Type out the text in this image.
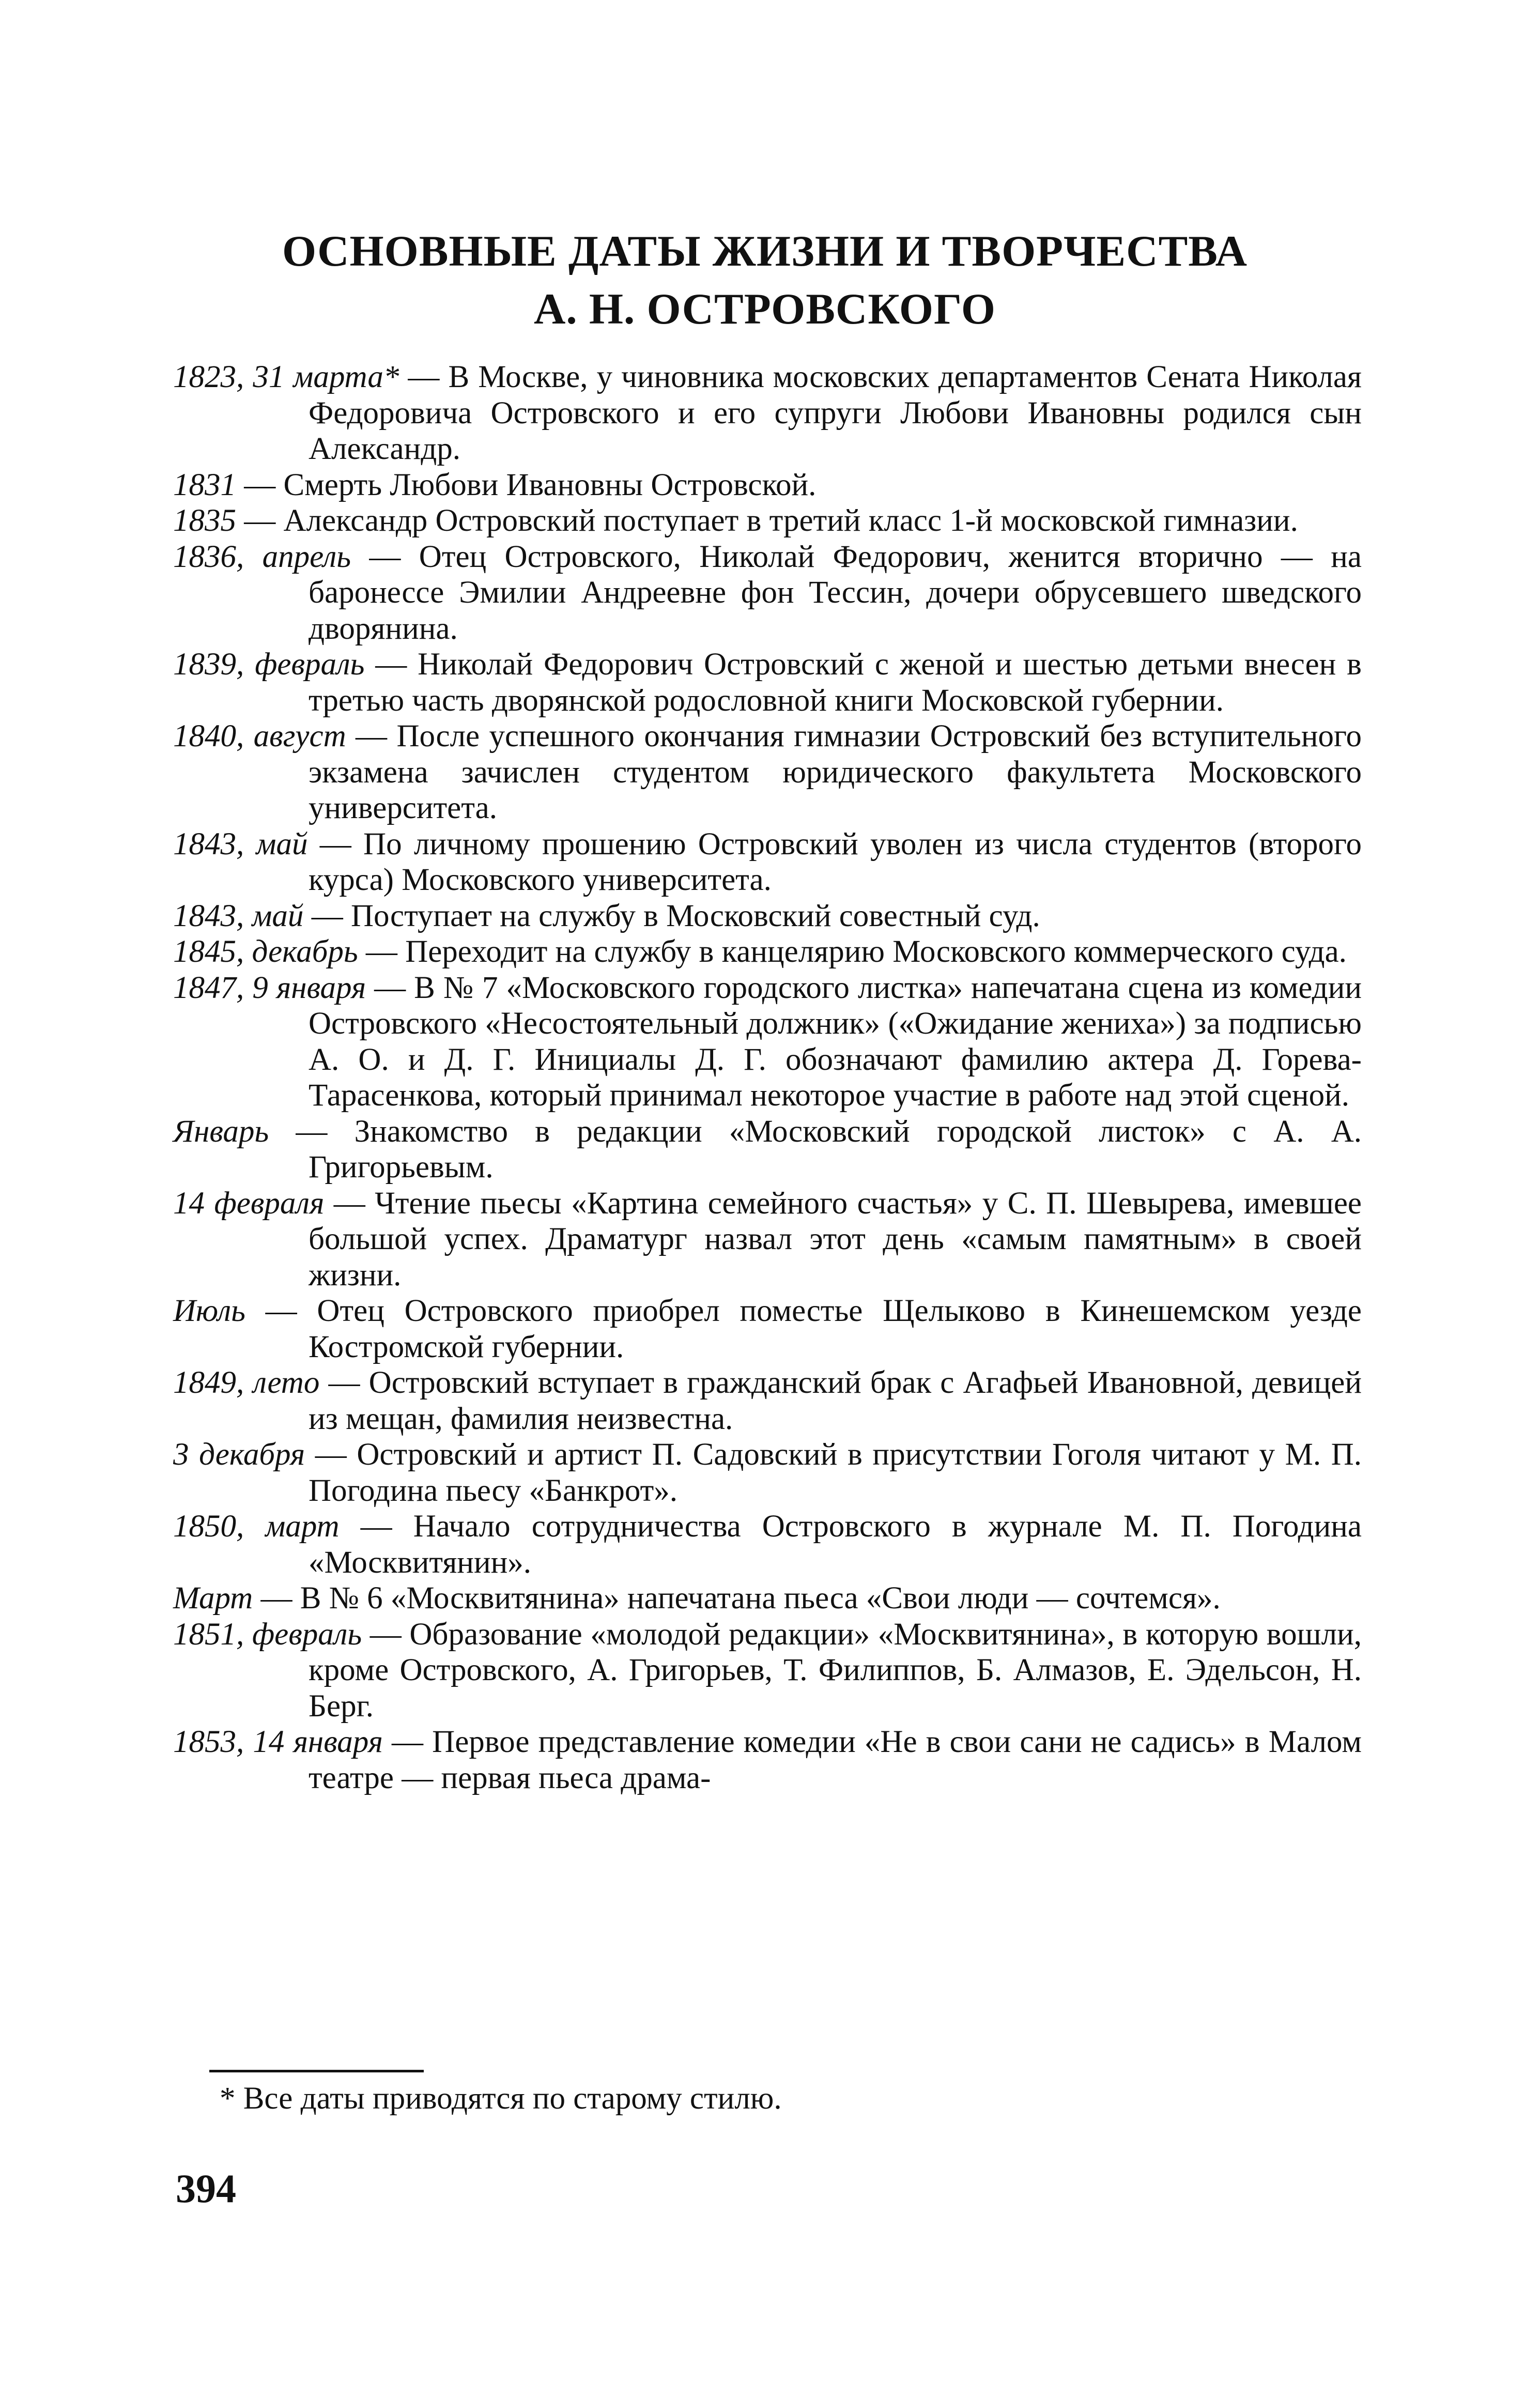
ОСНОВНЫЕ ДАТЫ ЖИЗНИ И ТВОРЧЕСТВА
А. Н. ОСТРОВСКОГО
1823, 31 марта* — В Москве, у чиновника московских департаментов Сената Николая Федоровича Островского и его супруги Любови Ивановны родился сын Александр.
1831 — Смерть Любови Ивановны Островской.
1835 — Александр Островский поступает в третий класс 1-й московской гимназии.
1836, апрель — Отец Островского, Николай Федорович, женится вторично — на баронессе Эмилии Андреевне фон Тессин, дочери обрусевшего шведского дворянина.
1839, февраль — Николай Федорович Островский с женой и шестью детьми внесен в третью часть дворянской родословной книги Московской губернии.
1840, август — После успешного окончания гимназии Островский без вступительного экзамена зачислен студентом юридического факультета Московского университета.
1843, май — По личному прошению Островский уволен из числа студентов (второго курса) Московского университета.
1843, май — Поступает на службу в Московский совестный суд.
1845, декабрь — Переходит на службу в канцелярию Московского коммерческого суда.
1847, 9 января — В № 7 «Московского городского листка» напечатана сцена из комедии Островского «Несостоятельный должник» («Ожидание жениха») за подписью А. О. и Д. Г. Инициалы Д. Г. обозначают фамилию актера Д. Горева-Тарасенкова, который принимал некоторое участие в работе над этой сценой.
Январь — Знакомство в редакции «Московский городской листок» с А. А. Григорьевым.
14 февраля — Чтение пьесы «Картина семейного счастья» у С. П. Шевырева, имевшее большой успех. Драматург назвал этот день «самым памятным» в своей жизни.
Июль — Отец Островского приобрел поместье Щелыково в Кинешемском уезде Костромской губернии.
1849, лето — Островский вступает в гражданский брак с Агафьей Ивановной, девицей из мещан, фамилия неизвестна.
3 декабря — Островский и артист П. Садовский в присутствии Гоголя читают у М. П. Погодина пьесу «Банкрот».
1850, март — Начало сотрудничества Островского в журнале М. П. Погодина «Москвитянин».
Март — В № 6 «Москвитянина» напечатана пьеса «Свои люди — сочтемся».
1851, февраль — Образование «молодой редакции» «Москвитянина», в которую вошли, кроме Островского, А. Григорьев, Т. Филиппов, Б. Алмазов, Е. Эдельсон, Н. Берг.
1853, 14 января — Первое представление комедии «Не в свои сани не садись» в Малом театре — первая пьеса драма-

* Все даты приводятся по старому стилю.

394
